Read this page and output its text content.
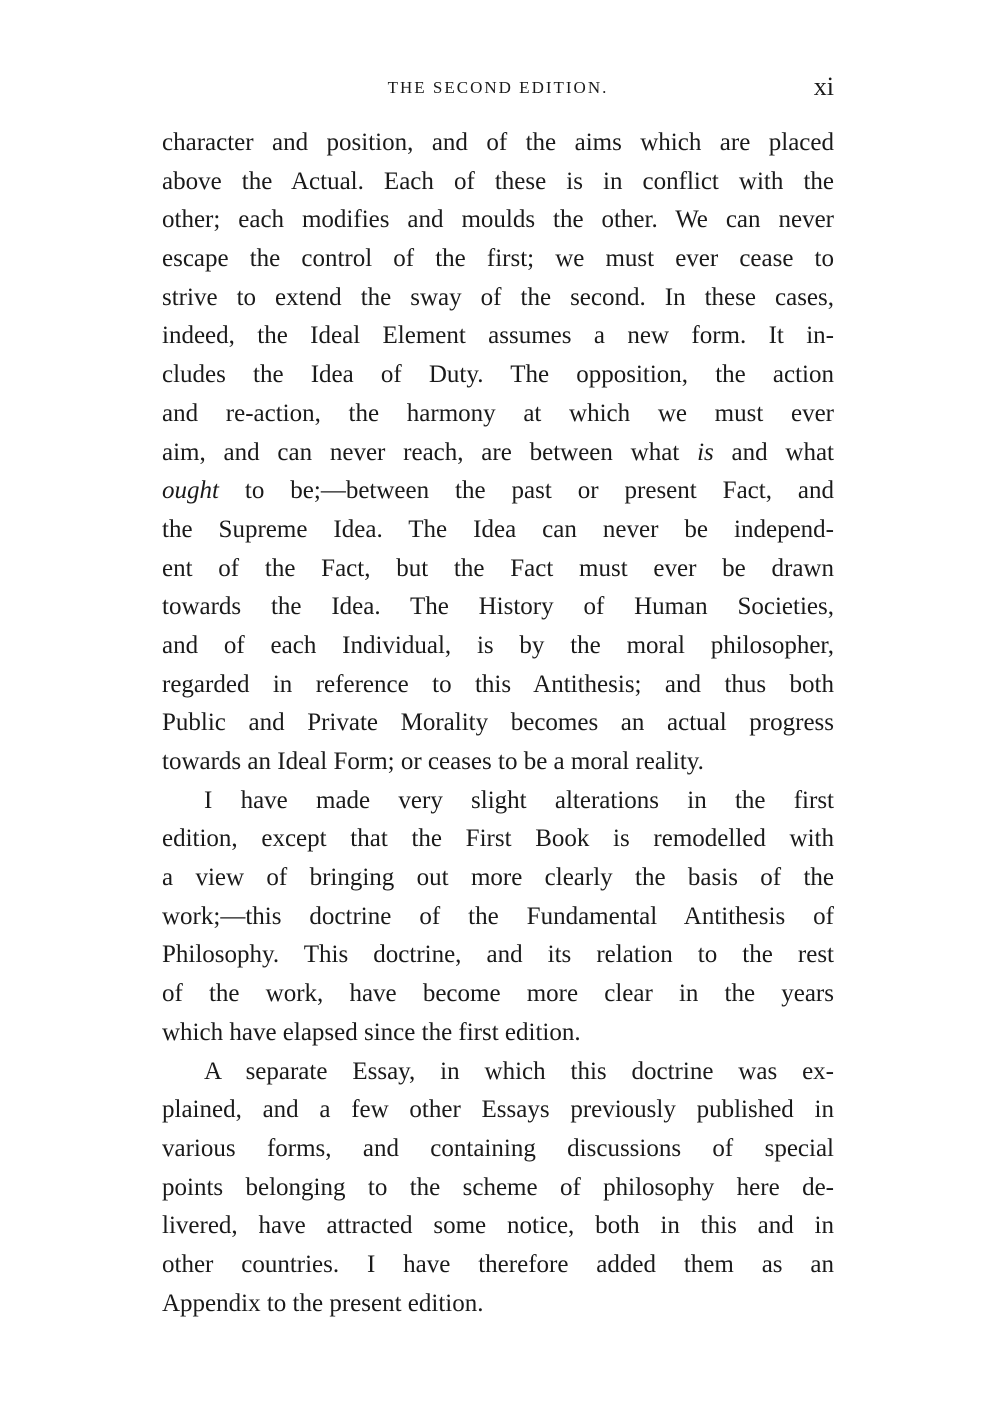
THE SECOND EDITION.	xi
character and position, and of the aims which are placed
above the Actual. Each of these is in conflict with the
other; each modifies and moulds the other. We can never
escape the control of the first; we must ever cease to
strive to extend the sway of the second. In these cases,
indeed, the Ideal Element assumes a new form. It in-
cludes the Idea of Duty. The opposition, the action
and re-action, the harmony at which we must ever
aim, and can never reach, are between what is and what
ought to be;—between the past or present Fact, and
the Supreme Idea. The Idea can never be independ-
ent of the Fact, but the Fact must ever be drawn
towards the Idea. The History of Human Societies,
and of each Individual, is by the moral philosopher,
regarded in reference to this Antithesis; and thus both
Public and Private Morality becomes an actual progress
towards an Ideal Form; or ceases to be a moral reality.
I have made very slight alterations in the first
edition, except that the First Book is remodelled with
a view of bringing out more clearly the basis of the
work;—this doctrine of the Fundamental Antithesis of
Philosophy. This doctrine, and its relation to the rest
of the work, have become more clear in the years
which have elapsed since the first edition.
A separate Essay, in which this doctrine was ex-
plained, and a few other Essays previously published in
various forms, and containing discussions of special
points belonging to the scheme of philosophy here de-
livered, have attracted some notice, both in this and in
other countries. I have therefore added them as an
Appendix to the present edition.
